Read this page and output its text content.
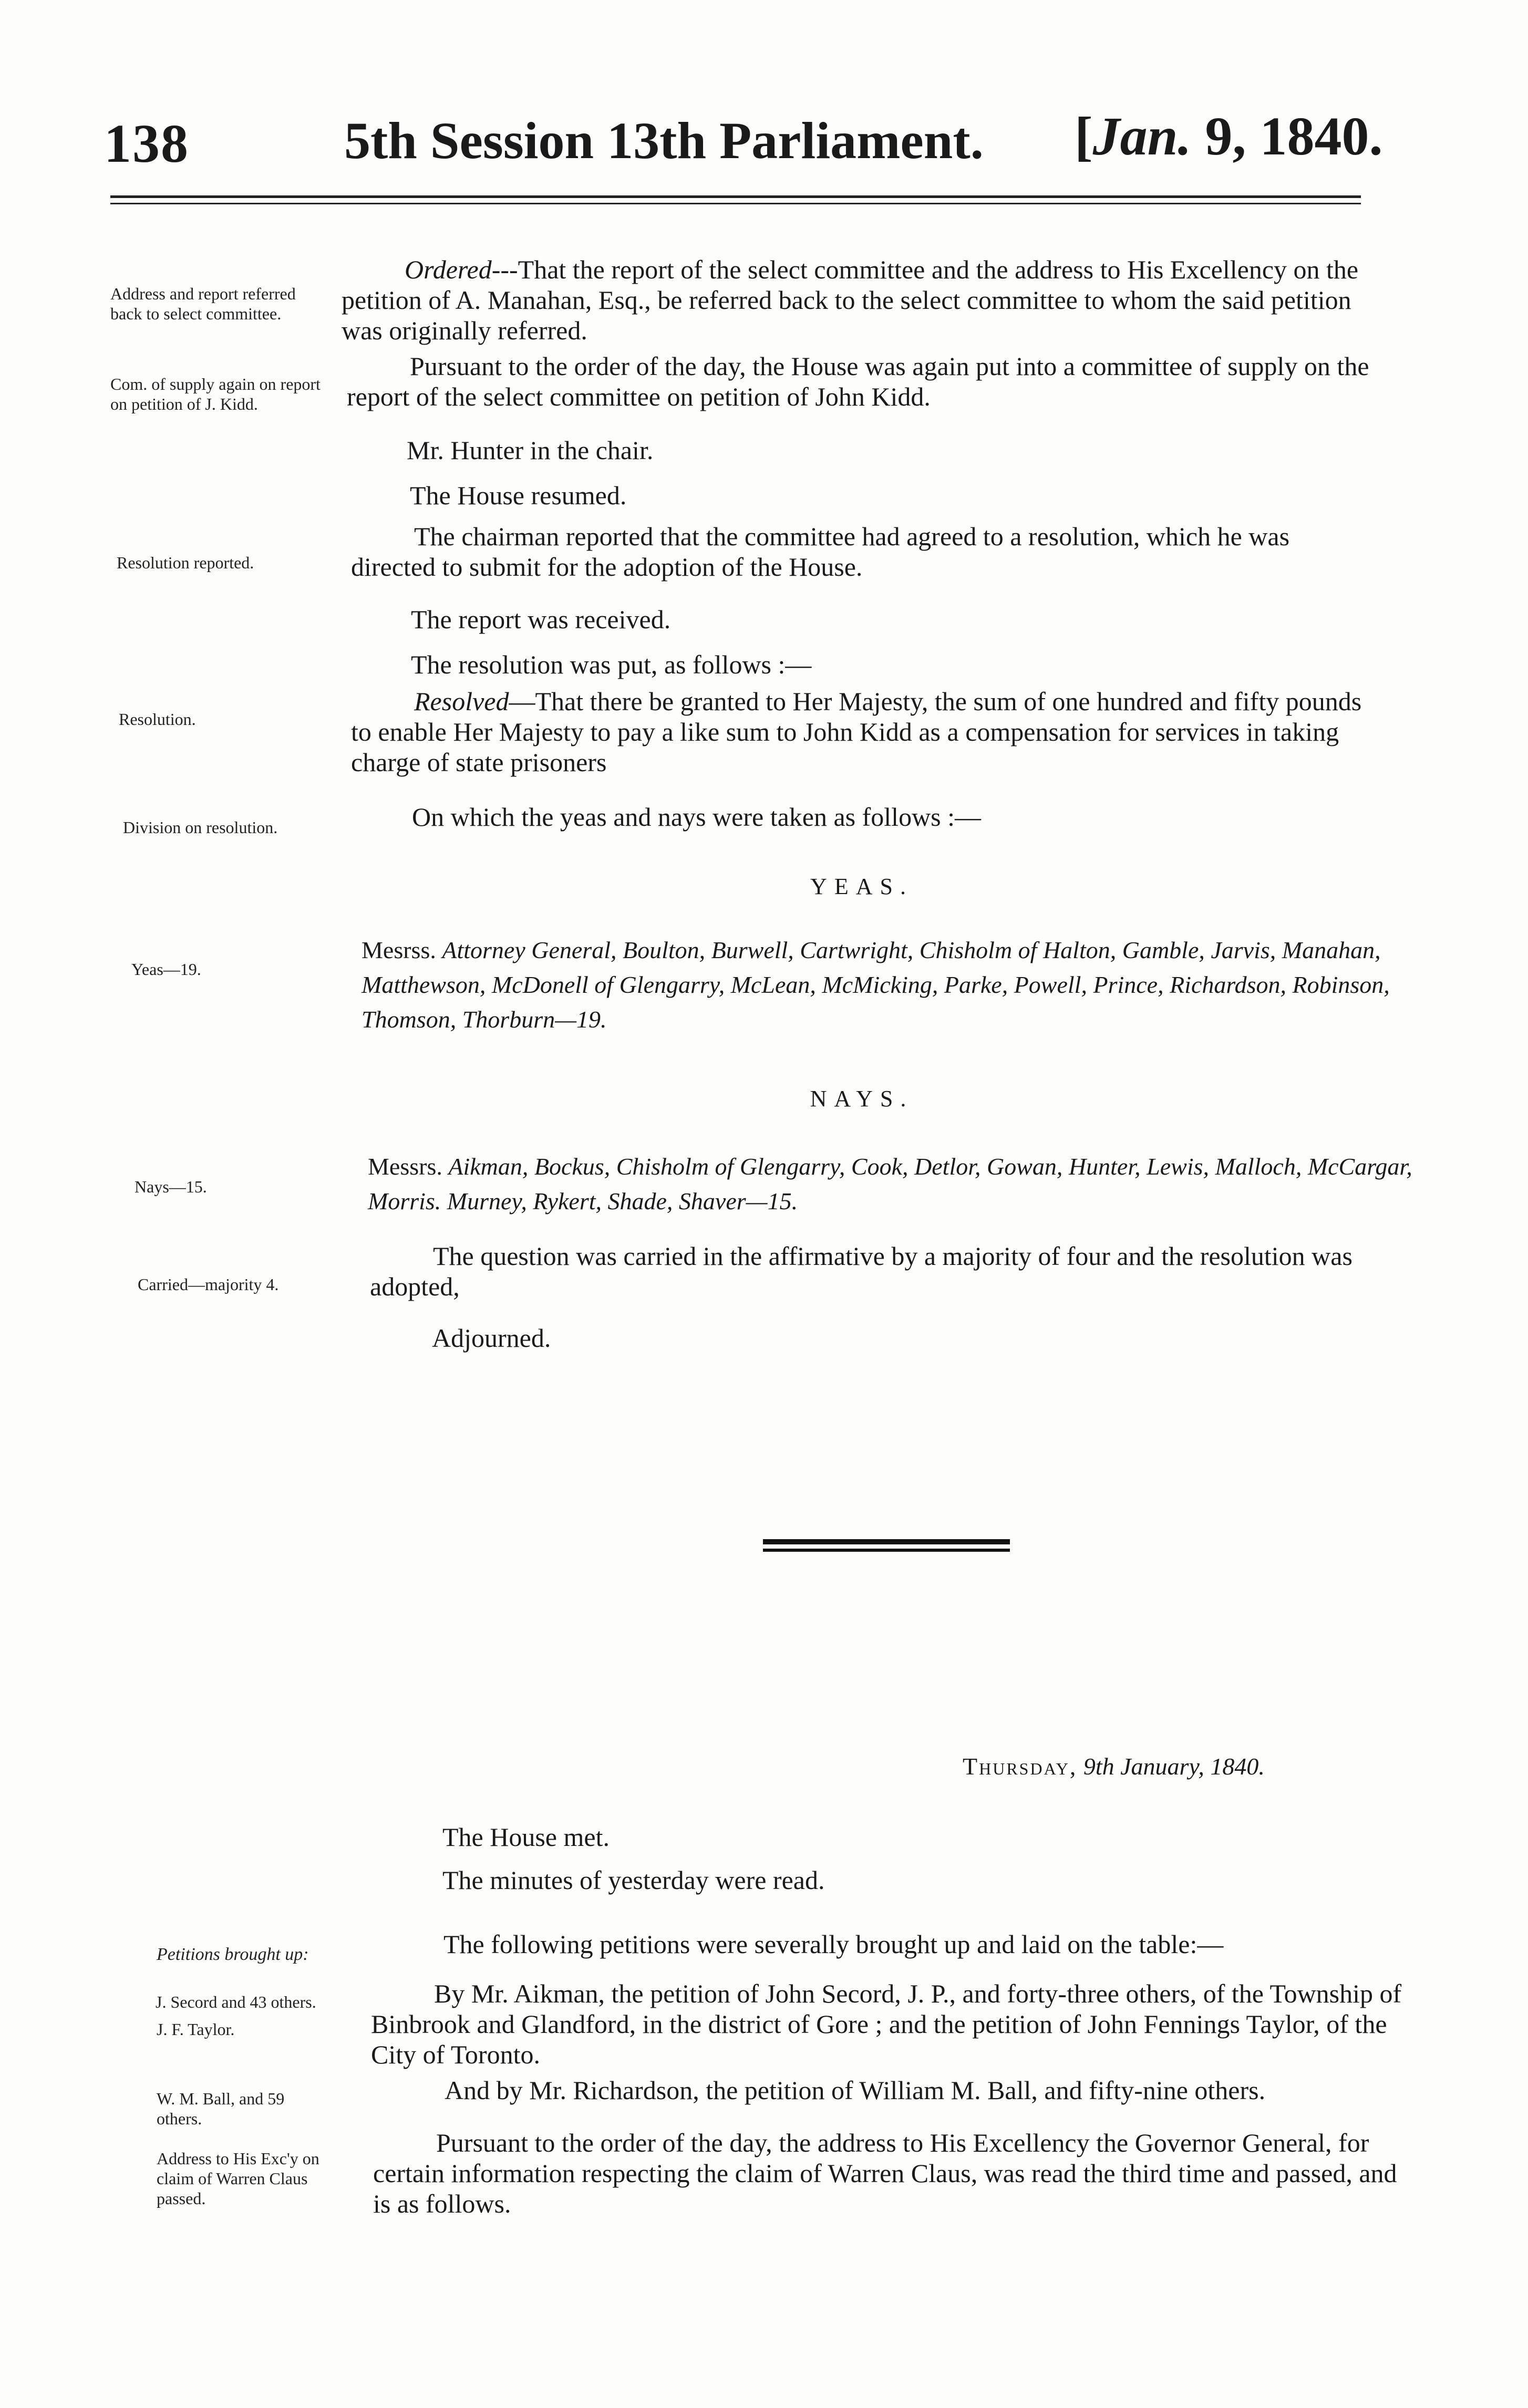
138	5th Session 13th Parliament. [Jan. 9, 1840.
Address and report referred back to select committee.
Com. of supply again on report on petition of J. Kidd.
Resolution reported.
Resolution.
Division on resolution.
Yeas—19.
Nays—15.
Carried—majority 4.
Petitions brought up:
J. Secord and 43 others.
J. F. Taylor.
W. M. Ball, and 59 others.
Address to His Exc'y on claim of Warren Claus passed.

Ordered---That the report of the select committee and the address to His Excellency on the petition of A. Manahan, Esq., be referred back to the select committee to whom the said petition was originally referred.

Pursuant to the order of the day, the House was again put into a committee of supply on the report of the select committee on petition of John Kidd.

Mr. Hunter in the chair.
The House resumed.

The chairman reported that the committee had agreed to a resolution, which he was directed to submit for the adoption of the House.

The report was received.
The resolution was put, as follows :—

Resolved—That there be granted to Her Majesty, the sum of one hundred and fifty pounds to enable Her Majesty to pay a like sum to John Kidd as a compensation for services in taking charge of state prisoners

On which the yeas and nays were taken as follows :—
YEAS.
Mesrss. Attorney General, Boulton, Burwell, Cartwright, Chisholm of Halton, Gamble, Jarvis, Manahan, Matthewson, McDonell of Glengarry, McLean, McMicking, Parke, Powell, Prince, Richardson, Robinson, Thomson, Thorburn—19.
NAYS.
Messrs. Aikman, Bockus, Chisholm of Glengarry, Cook, Detlor, Gowan, Hunter, Lewis, Malloch, McCargar, Morris. Murney, Rykert, Shade, Shaver—15.

The question was carried in the affirmative by a majority of four and the resolution was adopted,

Adjourned.
Thursday, 9th January, 1840.
The House met.
The minutes of yesterday were read.
The following petitions were severally brought up and laid on the table:—

By Mr. Aikman, the petition of John Secord, J. P., and forty-three others, of the Township of Binbrook and Glandford, in the district of Gore ; and the petition of John Fennings Taylor, of the City of Toronto.

And by Mr. Richardson, the petition of William M. Ball, and fifty-nine others.

Pursuant to the order of the day, the address to His Excellency the Governor General, for certain information respecting the claim of Warren Claus, was read the third time and passed, and is as follows.
